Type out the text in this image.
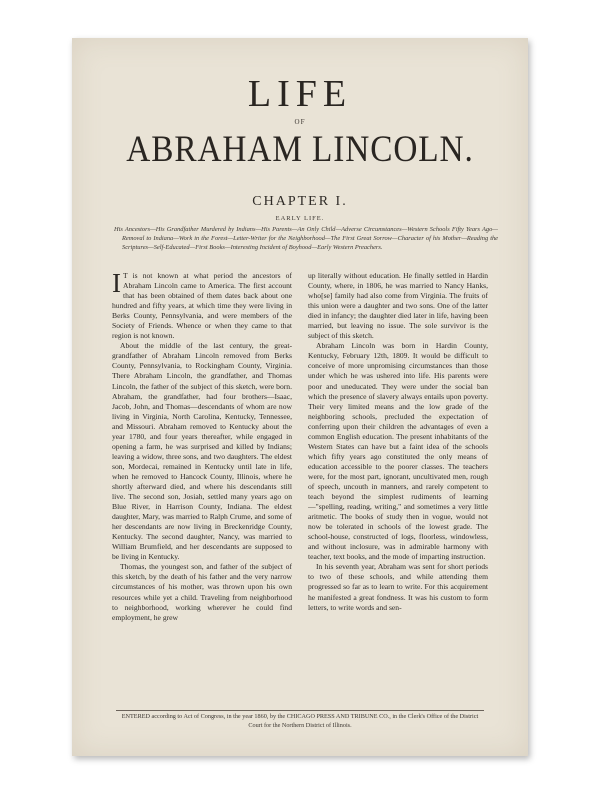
LIFE
OF
ABRAHAM LINCOLN.
CHAPTER I.
EARLY LIFE.
His Ancestors—His Grandfather Murdered by Indians—His Parents—An Only Child—Adverse Circumstances—Western Schools Fifty Years Ago—Removal to Indiana—Work in the Forest—Letter-Writer for the Neighborhood—The First Great Sorrow—Character of his Mother—Reading the Scriptures—Self-Educated—First Books—Interesting Incident of Boyhood—Early Western Preachers.

I T is not known at what period the ancestors of Abraham Lincoln came to America. The first account that has been obtained of them dates back about one hundred and fifty years, at which time they were living in Berks County, Pennsylvania, and were members of the Society of Friends. Whence or when they came to that region is not known.

About the middle of the last century, the great-grandfather of Abraham Lincoln removed from Berks County, Pennsylvania, to Rockingham County, Virginia. There Abraham Lincoln, the grandfather, and Thomas Lincoln, the father of the subject of this sketch, were born. Abraham, the grandfather, had four brothers—Isaac, Jacob, John, and Thomas—descendants of whom are now living in Virginia, North Carolina, Kentucky, Tennessee, and Missouri. Abraham removed to Kentucky about the year 1780, and four years thereafter, while engaged in opening a farm, he was surprised and killed by Indians; leaving a widow, three sons, and two daughters. The eldest son, Mordecai, remained in Kentucky until late in life, when he removed to Hancock County, Illinois, where he shortly afterward died, and where his descendants still live. The second son, Josiah, settled many years ago on Blue River, in Harrison County, Indiana. The eldest daughter, Mary, was married to Ralph Crume, and some of her descendants are now living in Breckenridge County, Kentucky. The second daughter, Nancy, was married to William Brumfield, and her descendants are supposed to be living in Kentucky.

Thomas, the youngest son, and father of the subject of this sketch, by the death of his father and the very narrow circumstances of his mother, was thrown upon his own resources while yet a child. Traveling from neighborhood to neighborhood, working wherever he could find employment, he grew

up literally without education. He finally settled in Hardin County, where, in 1806, he was married to Nancy Hanks, who[se] family had also come from Virginia. The fruits of this union were a daughter and two sons. One of the latter died in infancy; the daughter died later in life, having been married, but leaving no issue. The sole survivor is the subject of this sketch.

Abraham Lincoln was born in Hardin County, Kentucky, February 12th, 1809. It would be difficult to conceive of more unpromising circumstances than those under which he was ushered into life. His parents were poor and uneducated. They were under the social ban which the presence of slavery always entails upon poverty. Their very limited means and the low grade of the neighboring schools, precluded the expectation of conferring upon their children the advantages of even a common English education. The present inhabitants of the Western States can have but a faint idea of the schools which fifty years ago constituted the only means of education accessible to the poorer classes. The teachers were, for the most part, ignorant, uncultivated men, rough of speech, uncouth in manners, and rarely competent to teach beyond the simplest rudiments of learning—"spelling, reading, writing," and sometimes a very little aritmetic. The books of study then in vogue, would not now be tolerated in schools of the lowest grade. The school-house, constructed of logs, floorless, windowless, and without inclosure, was in admirable harmony with teacher, text books, and the mode of imparting instruction.

In his seventh year, Abraham was sent for short periods to two of these schools, and while attending them progressed so far as to learn to write. For this acquirement he manifested a great fondness. It was his custom to form letters, to write words and sen-

ENTERED according to Act of Congress, in the year 1860, by the CHICAGO PRESS AND TRIBUNE CO., in the Clerk's Office of the District Court for the Northern District of Illinois.
